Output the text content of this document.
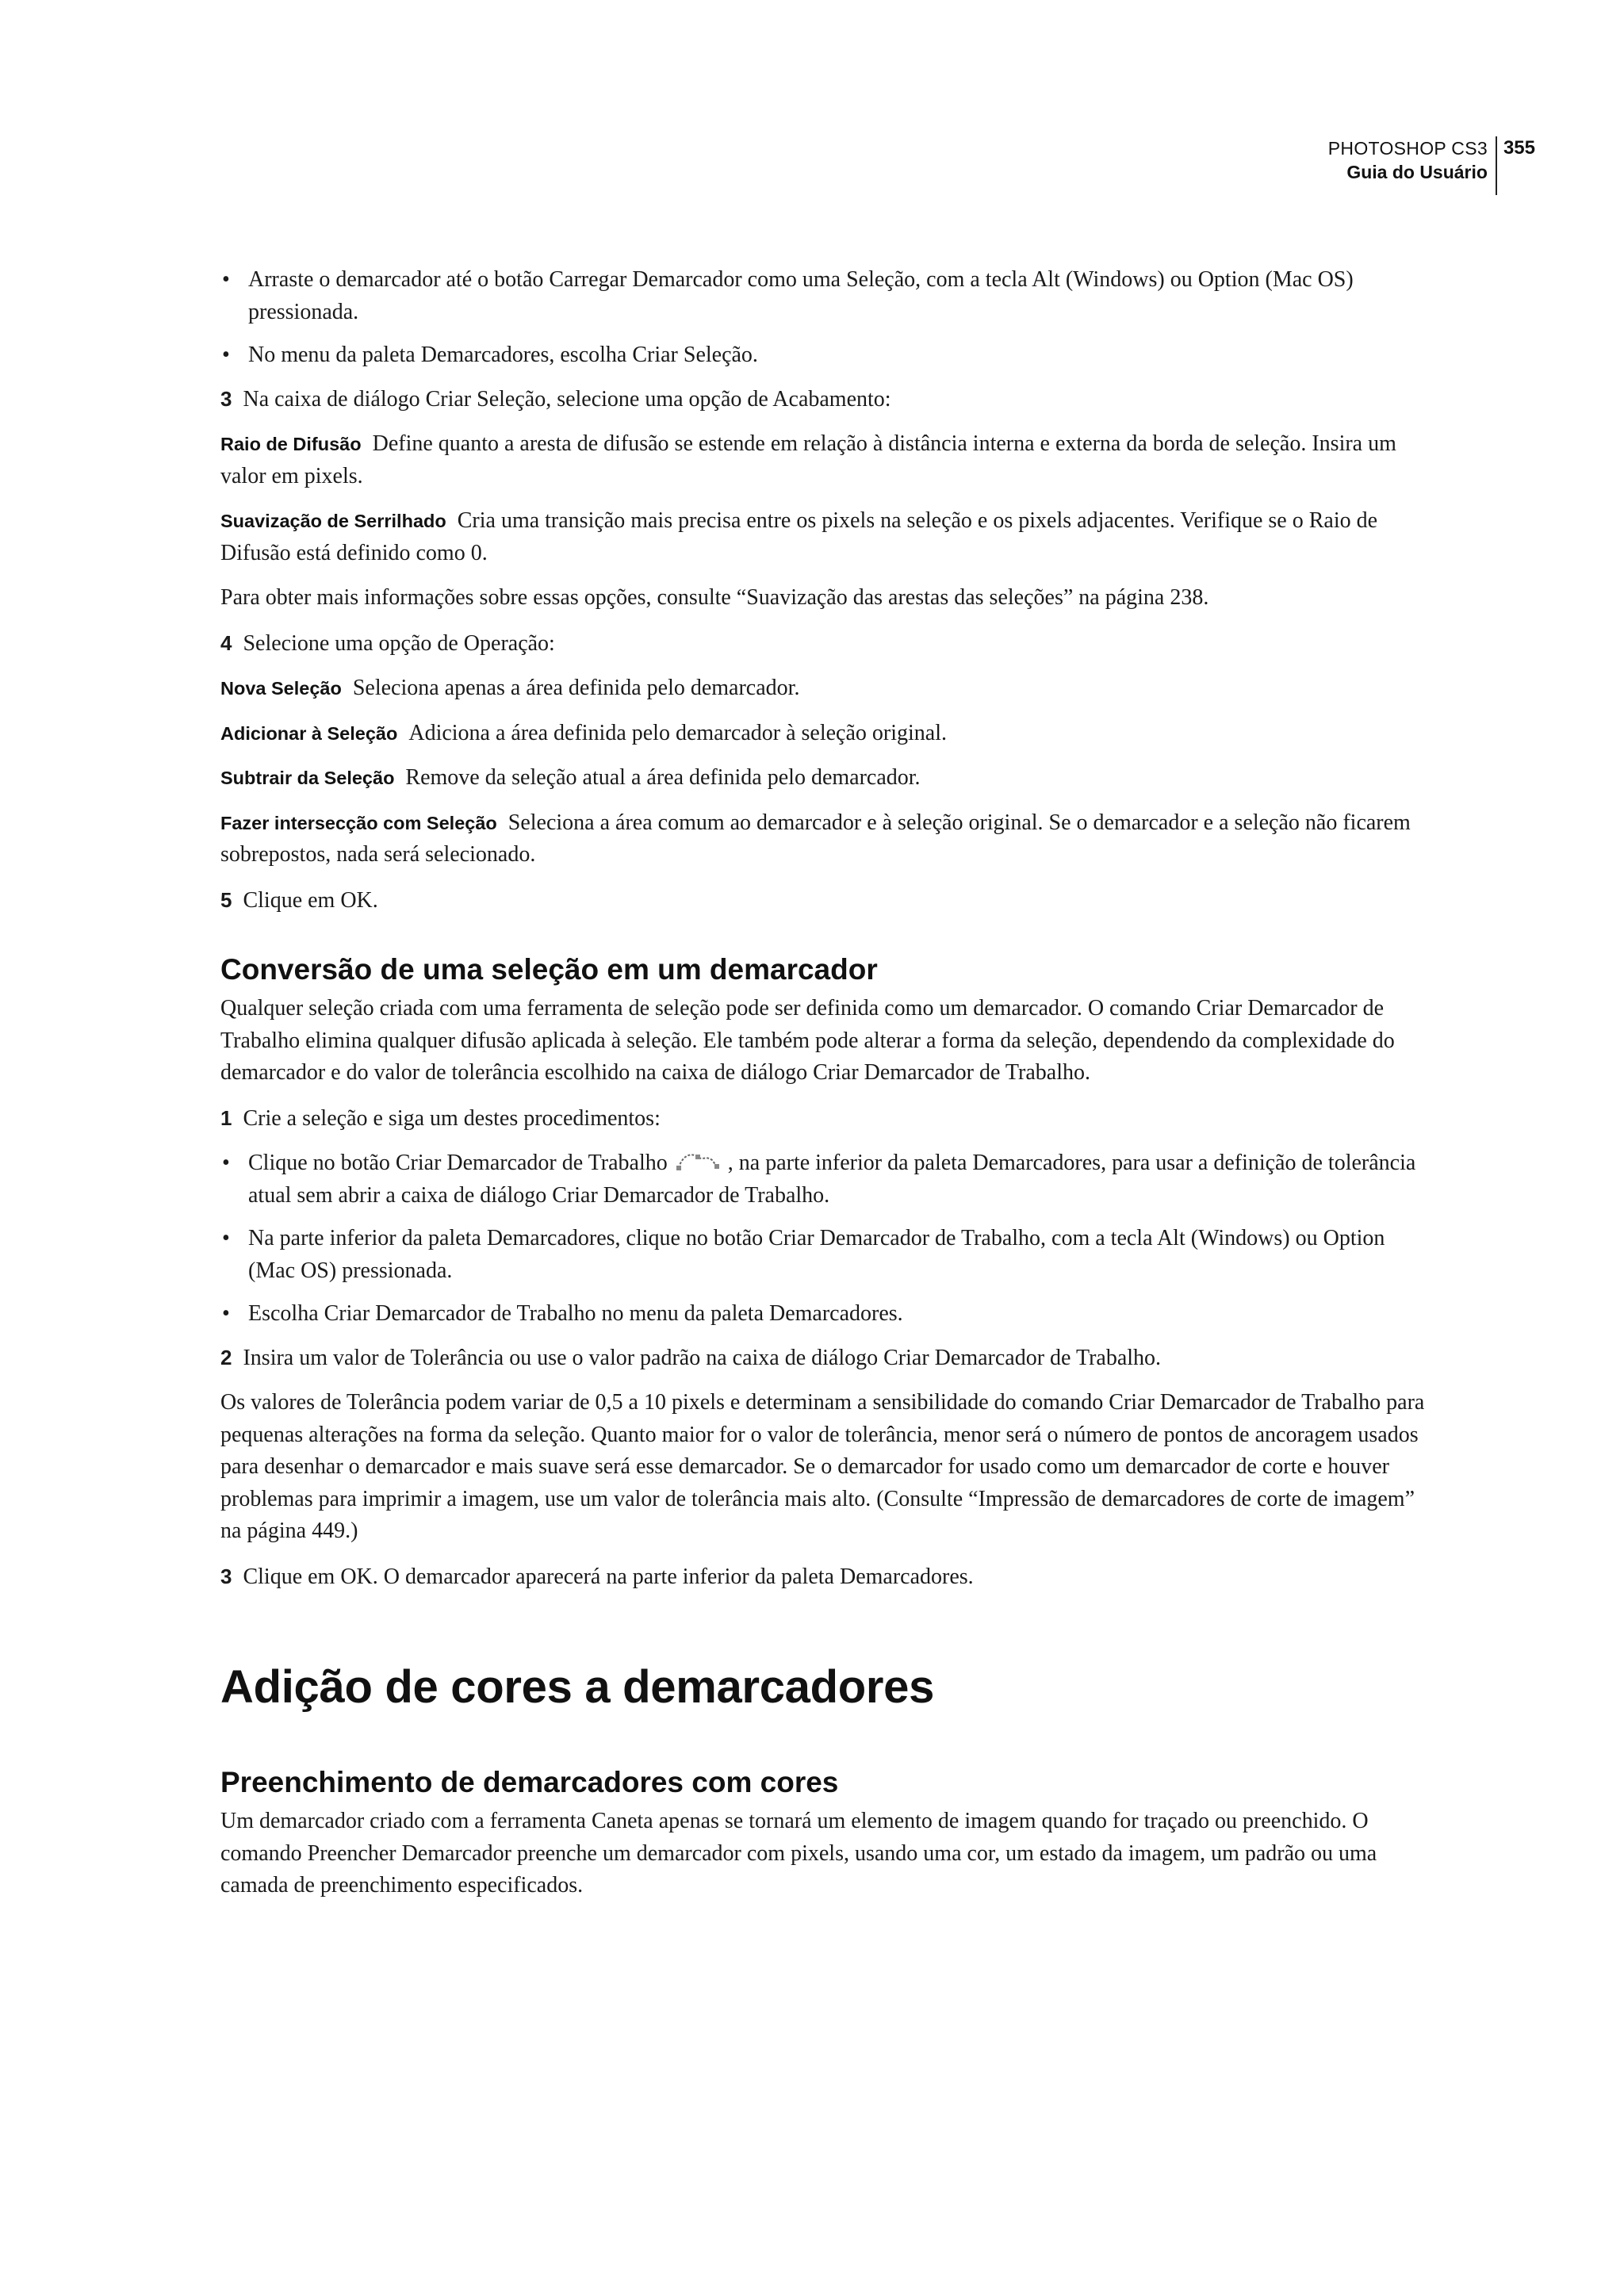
PHOTOSHOP CS3
Guia do Usuário
355
• Arraste o demarcador até o botão Carregar Demarcador como uma Seleção, com a tecla Alt (Windows) ou Option (Mac OS) pressionada.
• No menu da paleta Demarcadores, escolha Criar Seleção.

3 Na caixa de diálogo Criar Seleção, selecione uma opção de Acabamento:

Raio de Difusão Define quanto a aresta de difusão se estende em relação à distância interna e externa da borda de seleção. Insira um valor em pixels.

Suavização de Serrilhado Cria uma transição mais precisa entre os pixels na seleção e os pixels adjacentes. Verifique se o Raio de Difusão está definido como 0.

Para obter mais informações sobre essas opções, consulte “Suavização das arestas das seleções” na página 238.

4 Selecione uma opção de Operação:

Nova Seleção Seleciona apenas a área definida pelo demarcador.

Adicionar à Seleção Adiciona a área definida pelo demarcador à seleção original.

Subtrair da Seleção Remove da seleção atual a área definida pelo demarcador.

Fazer intersecção com Seleção Seleciona a área comum ao demarcador e à seleção original. Se o demarcador e a seleção não ficarem sobrepostos, nada será selecionado.

5 Clique em OK.

Conversão de uma seleção em um demarcador

Qualquer seleção criada com uma ferramenta de seleção pode ser definida como um demarcador. O comando Criar Demarcador de Trabalho elimina qualquer difusão aplicada à seleção. Ele também pode alterar a forma da seleção, dependendo da complexidade do demarcador e do valor de tolerância escolhido na caixa de diálogo Criar Demarcador de Trabalho.

1 Crie a seleção e siga um destes procedimentos:

• Clique no botão Criar Demarcador de Trabalho	, na parte inferior da paleta Demarcadores, para usar a definição de tolerância atual sem abrir a caixa de diálogo Criar Demarcador de Trabalho.
• Na parte inferior da paleta Demarcadores, clique no botão Criar Demarcador de Trabalho, com a tecla Alt (Windows) ou Option (Mac OS) pressionada.
• Escolha Criar Demarcador de Trabalho no menu da paleta Demarcadores.

2 Insira um valor de Tolerância ou use o valor padrão na caixa de diálogo Criar Demarcador de Trabalho.

Os valores de Tolerância podem variar de 0,5 a 10 pixels e determinam a sensibilidade do comando Criar Demarcador de Trabalho para pequenas alterações na forma da seleção. Quanto maior for o valor de tolerância, menor será o número de pontos de ancoragem usados para desenhar o demarcador e mais suave será esse demarcador. Se o demarcador for usado como um demarcador de corte e houver problemas para imprimir a imagem, use um valor de tolerância mais alto. (Consulte “Impressão de demarcadores de corte de imagem” na página 449.)

3 Clique em OK. O demarcador aparecerá na parte inferior da paleta Demarcadores.

Adição de cores a demarcadores
Preenchimento de demarcadores com cores

Um demarcador criado com a ferramenta Caneta apenas se tornará um elemento de imagem quando for traçado ou preenchido. O comando Preencher Demarcador preenche um demarcador com pixels, usando uma cor, um estado da imagem, um padrão ou uma camada de preenchimento especificados.
